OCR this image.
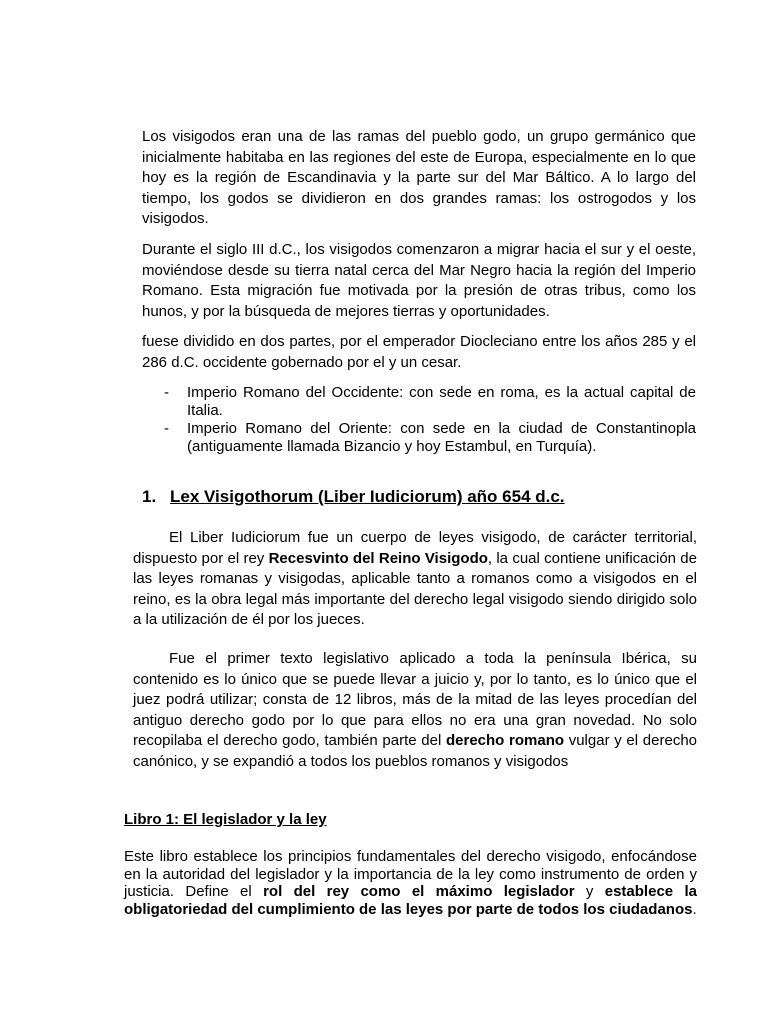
Los visigodos eran una de las ramas del pueblo godo, un grupo germánico que inicialmente habitaba en las regiones del este de Europa, especialmente en lo que hoy es la región de Escandinavia y la parte sur del Mar Báltico. A lo largo del tiempo, los godos se dividieron en dos grandes ramas: los ostrogodos y los visigodos.

Durante el siglo III d.C., los visigodos comenzaron a migrar hacia el sur y el oeste, moviéndose desde su tierra natal cerca del Mar Negro hacia la región del Imperio Romano. Esta migración fue motivada por la presión de otras tribus, como los hunos, y por la búsqueda de mejores tierras y oportunidades.

fuese dividido en dos partes, por el emperador Diocleciano entre los años 285 y el 286 d.C. occidente gobernado por el y un cesar.

- Imperio Romano del Occidente: con sede en roma, es la actual capital de Italia.
- Imperio Romano del Oriente: con sede en la ciudad de Constantinopla (antiguamente llamada Bizancio y hoy Estambul, en Turquía).
1. Lex Visigothorum (Liber Iudiciorum) año 654 d.c.

El Liber Iudiciorum fue un cuerpo de leyes visigodo, de carácter territorial, dispuesto por el rey Recesvinto del Reino Visigodo, la cual contiene unificación de las leyes romanas y visigodas, aplicable tanto a romanos como a visigodos en el reino, es la obra legal más importante del derecho legal visigodo siendo dirigido solo a la utilización de él por los jueces.

Fue el primer texto legislativo aplicado a toda la península Ibérica, su contenido es lo único que se puede llevar a juicio y, por lo tanto, es lo único que el juez podrá utilizar; consta de 12 libros, más de la mitad de las leyes procedían del antiguo derecho godo por lo que para ellos no era una gran novedad. No solo recopilaba el derecho godo, también parte del derecho romano vulgar y el derecho canónico, y se expandió a todos los pueblos romanos y visigodos

Libro 1: El legislador y la ley

Este libro establece los principios fundamentales del derecho visigodo, enfocándose en la autoridad del legislador y la importancia de la ley como instrumento de orden y justicia. Define el rol del rey como el máximo legislador y establece la obligatoriedad del cumplimiento de las leyes por parte de todos los ciudadanos.
